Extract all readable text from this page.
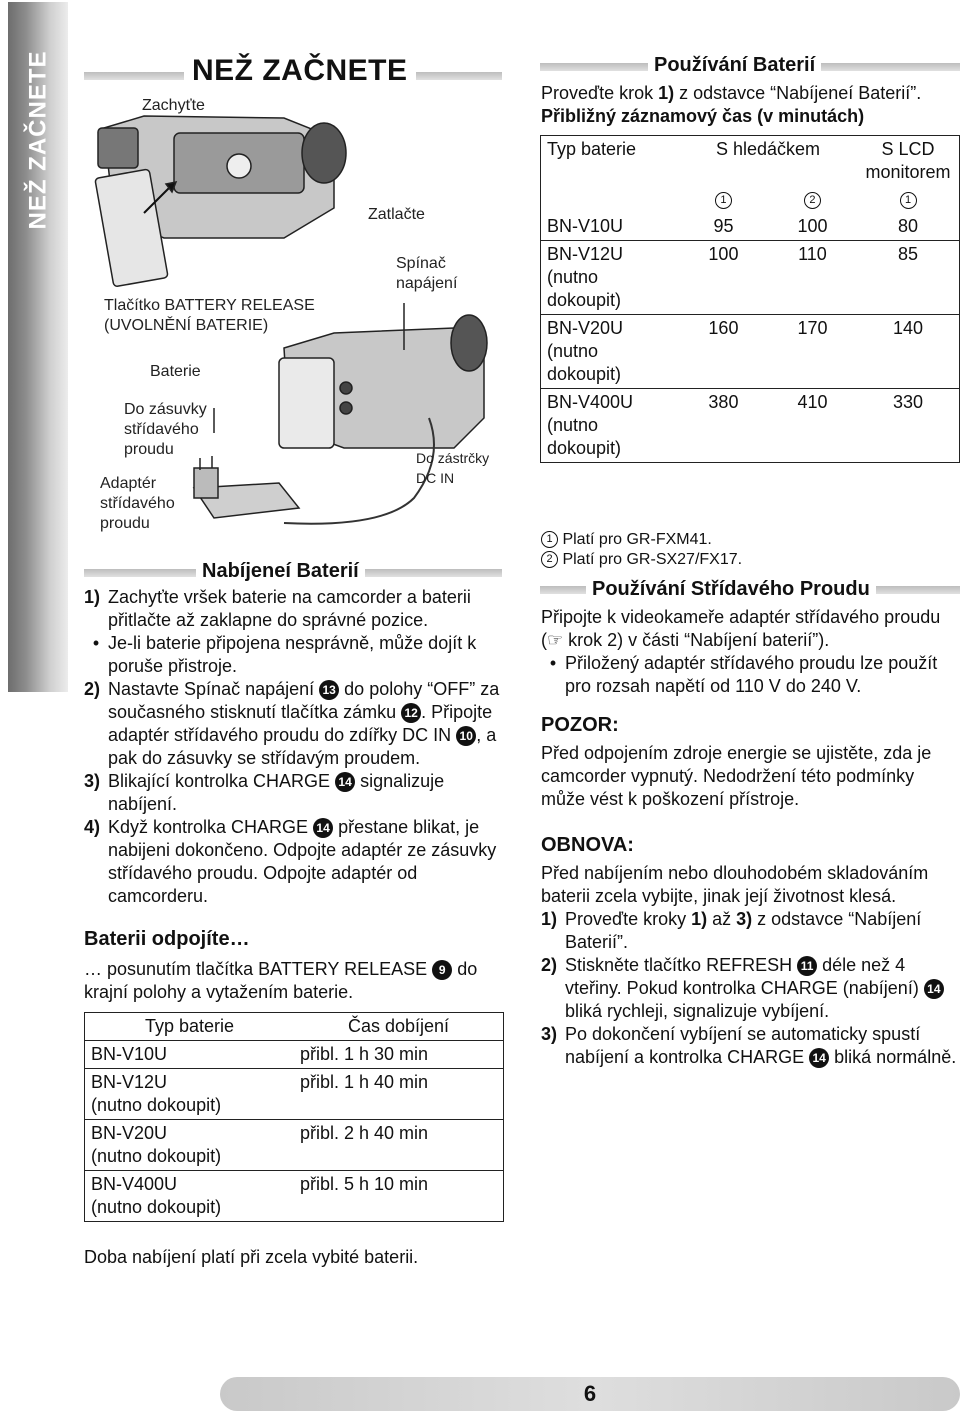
NEŽ ZAČNETE	NEŽ ZAČNETE
Zachyťte
Zatlačte
Spínač napájení
Tlačítko BATTERY RELEASE (UVOLNĚNÍ BATERIE)
Baterie
Do zásuvky střídavého proudu
Adaptér střídavého proudu
Do zástrčky DC IN
Nabíjeneí Baterií
1) Zachyťte vršek baterie na camcorder a baterii přitlačte až zaklapne do správné pozice.
• Je-li baterie připojena nesprávně, může dojít k poruše přistroje.
2) Nastavte Spínač napájení 13 do polohy “OFF” za současného stisknutí tlačítka zámku 12 . Připojte adaptér střídavého proudu do zdířky DC IN 10 , a pak do zásuvky se střídavým proudem.
3) Blikající kontrolka CHARGE 14 signalizuje nabíjení.
4) Když kontrolka CHARGE 14 přestane blikat, je nabijeni dokončeno. Odpojte adaptér ze zásuvky střídavého proudu. Odpojte adaptér od camcorderu.
Baterii odpojíte…
… posunutím tlačítka BATTERY RELEASE 9 do krajní polohy a vytažením baterie.
Typ baterie	Čas dobíjení
BN-V10U	přibl. 1 h 30 min
BN-V12U
(nutno dokoupit)	přibl. 1 h 40 min
BN-V20U
(nutno dokoupit)	přibl. 2 h 40 min
BN-V400U
(nutno dokoupit)	přibl. 5 h 10 min
Doba nabíjení platí při zcela vybité baterii.
Používání Baterií
Proveďte krok 1) z odstavce “Nabíjeneí Baterií”.
Přibližný záznamový čas (v minutách)
Typ baterie	S hledáčkem		S LCD monitorem
	1	2	1
BN-V10U	95	100	80
BN-V12U
(nutno
dokoupit)	100	110	85
BN-V20U
(nutno
dokoupit)	160	170	140
BN-V400U
(nutno
dokoupit)	380	410	330
1 Platí pro GR-FXM41.
2 Platí pro GR-SX27/FX17.
Používání Střídavého Proudu
Připojte k videokameře adaptér střídavého proudu (☞ krok 2) v části “Nabíjení baterií”).
• Přiložený adaptér střídavého proudu lze použít pro rozsah napětí od 110 V do 240 V.
POZOR:
Před odpojením zdroje energie se ujistěte, zda je camcorder vypnutý. Nedodržení této podmínky může vést k poškození přístroje.
OBNOVA:
Před nabíjením nebo dlouhodobém skladováním baterii zcela vybijte, jinak její životnost klesá.
1) Proveďte kroky 1) až 3) z odstavce “Nabíjení Baterií”.
2) Stiskněte tlačítko REFRESH 11 déle než 4 vteřiny. Pokud kontrolka CHARGE (nabíjení) 14 bliká rychleji, signalizuje vybíjení.
3) Po dokončení vybíjení se automaticky spustí nabíjení a kontrolka CHARGE 14 bliká normálně.
6
